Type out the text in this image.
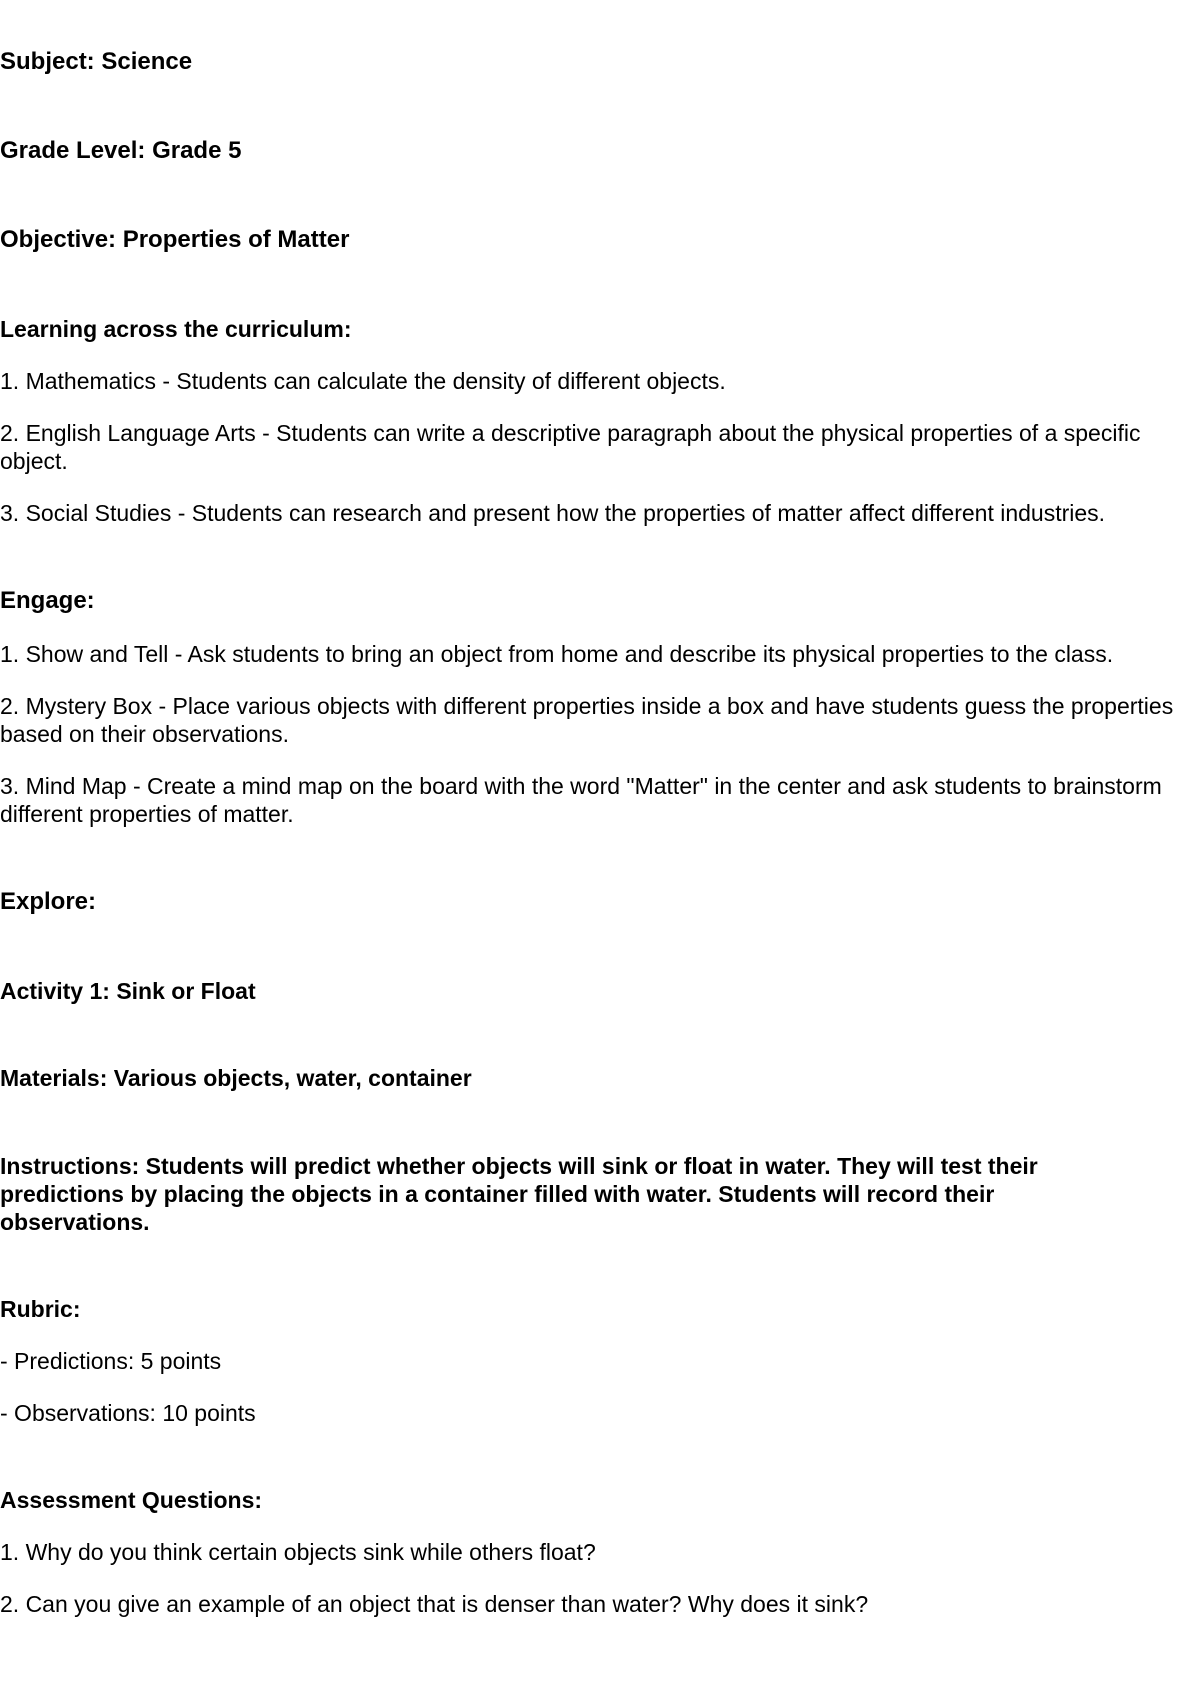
Subject: Science

Grade Level: Grade 5

Objective: Properties of Matter

Learning across the curriculum:

1. Mathematics - Students can calculate the density of different objects.

2. English Language Arts - Students can write a descriptive paragraph about the physical properties of a specific object.

3. Social Studies - Students can research and present how the properties of matter affect different industries.

Engage:

1. Show and Tell - Ask students to bring an object from home and describe its physical properties to the class.

2. Mystery Box - Place various objects with different properties inside a box and have students guess the properties based on their observations.

3. Mind Map - Create a mind map on the board with the word "Matter" in the center and ask students to brainstorm different properties of matter.

Explore:

Activity 1: Sink or Float

Materials: Various objects, water, container

Instructions: Students will predict whether objects will sink or float in water. They will test their predictions by placing the objects in a container filled with water. Students will record their observations.

Rubric:

- Predictions: 5 points

- Observations: 10 points

Assessment Questions:

1. Why do you think certain objects sink while others float?

2. Can you give an example of an object that is denser than water? Why does it sink?
